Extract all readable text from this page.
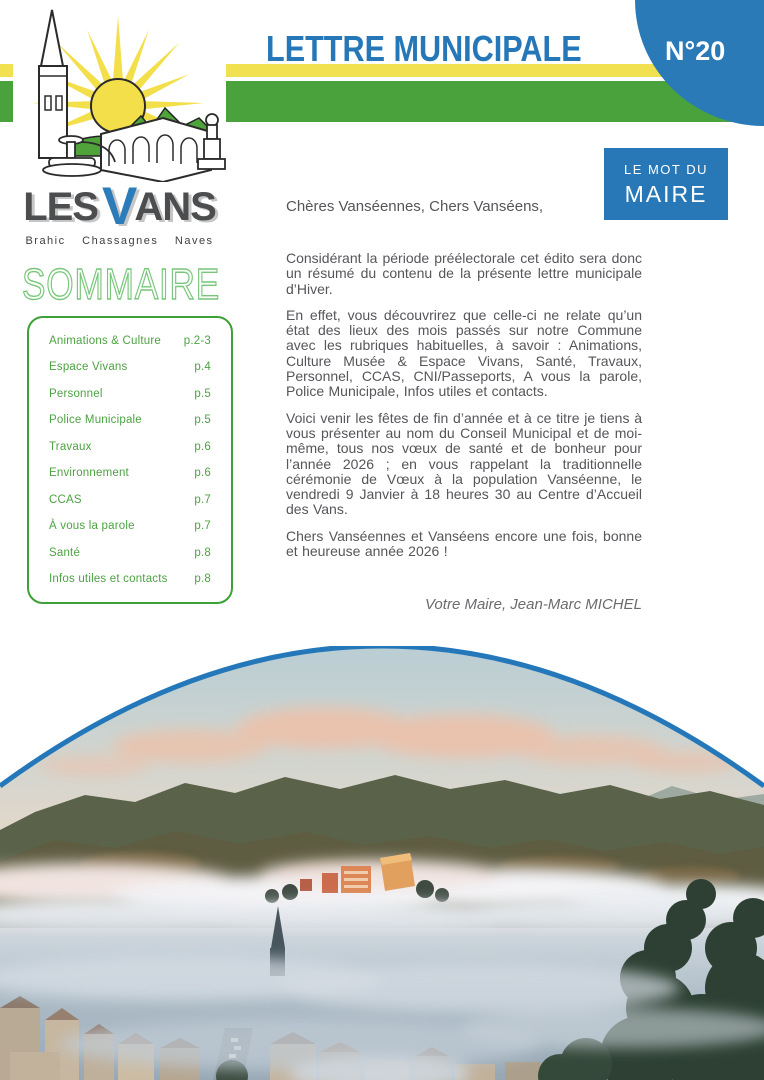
HIVER 2025
LETTRE MUNICIPALE	N°20
LESVANS
Brahic Chassagnes Naves
SOMMAIRE
Animations & Culture p.2-3
Espace Vivans	p.4
Personnel	p.5
Police Municipale	p.5
Travaux	p.6
Environnement	p.6
CCAS	p.7
À vous la parole	p.7
Santé	p.8
Infos utiles et contacts p.8
LE MOT DU
MAIRE

Chères Vanséennes, Chers Vanséens,

Considérant la période préélectorale cet édito sera donc un résumé du contenu de la présente lettre municipale d’Hiver.

En effet, vous découvrirez que celle-ci ne relate qu’un état des lieux des mois passés sur notre Commune avec les rubriques habituelles, à savoir : Animations, Culture Musée & Espace Vivans, Santé, Travaux, Personnel, CCAS, CNI/Passeports, A vous la parole, Police Municipale, Infos utiles et contacts.

Voici venir les fêtes de fin d’année et à ce titre je tiens à vous présenter au nom du Conseil Municipal et de moi-même, tous nos vœux de santé et de bonheur pour l’année 2026 ; en vous rappelant la traditionnelle cérémonie de Vœux à la population Vanséenne, le vendredi 9 Janvier à 18 heures 30 au Centre d’Accueil des Vans.

Chers Vanséennes et Vanséens encore une fois, bonne et heureuse année 2026 !

Votre Maire, Jean-Marc MICHEL
